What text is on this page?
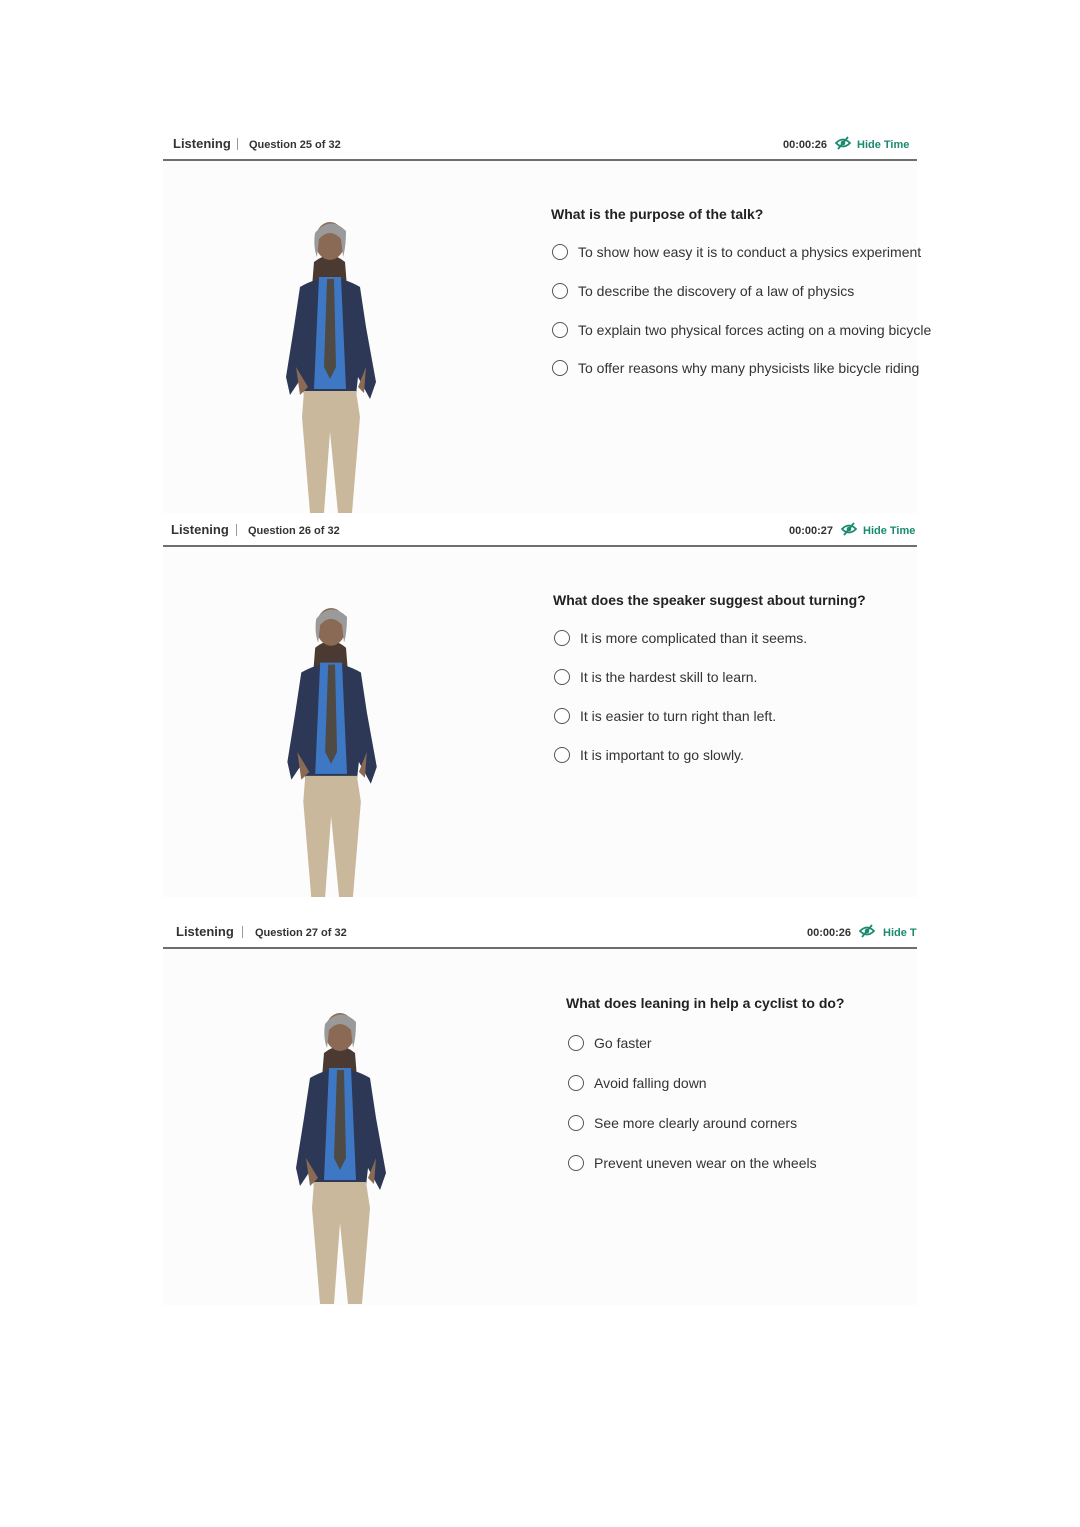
Listening Question 25 of 32	00:00:26	Hide Time
What is the purpose of the talk?
To show how easy it is to conduct a physics experiment
To describe the discovery of a law of physics
To explain two physical forces acting on a moving bicycle
To offer reasons why many physicists like bicycle riding
Listening Question 26 of 32	00:00:27	Hide Time
What does the speaker suggest about turning?
It is more complicated than it seems.
It is the hardest skill to learn.
It is easier to turn right than left.
It is important to go slowly.
Listening Question 27 of 32	00:00:26	Hide T
What does leaning in help a cyclist to do?
Go faster
Avoid falling down
See more clearly around corners
Prevent uneven wear on the wheels
